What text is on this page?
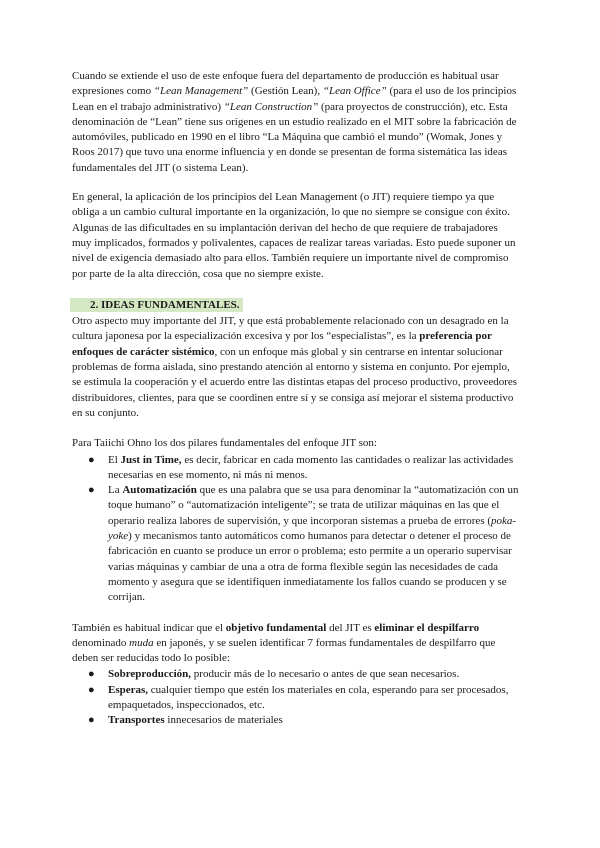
Cuando se extiende el uso de este enfoque fuera del departamento de producción es habitual usar expresiones como “Lean Management” (Gestión Lean), “Lean Office” (para el uso de los principios Lean en el trabajo administrativo) “Lean Construction” (para proyectos de construcción), etc. Esta denominación de “Lean” tiene sus orígenes en un estudio realizado en el MIT sobre la fabricación de automóviles, publicado en 1990 en el libro “La Máquina que cambió el mundo” (Womak, Jones y Roos 2017) que tuvo una enorme influencia y en donde se presentan de forma sistemática las ideas fundamentales del JIT (o sistema Lean).

En general, la aplicación de los principios del Lean Management (o JIT) requiere tiempo ya que obliga a un cambio cultural importante en la organización, lo que no siempre se consigue con éxito. Algunas de las dificultades en su implantación derivan del hecho de que requiere de trabajadores muy implicados, formados y polivalentes, capaces de realizar tareas variadas. Esto puede suponer un nivel de exigencia demasiado alto para ellos. También requiere un importante nivel de compromiso por parte de la alta dirección, cosa que no siempre existe.

2. IDEAS FUNDAMENTALES.

Otro aspecto muy importante del JIT, y que está probablemente relacionado con un desagrado en la cultura japonesa por la especialización excesiva y por los “especialistas”, es la preferencia por enfoques de carácter sistémico, con un enfoque más global y sin centrarse en intentar solucionar problemas de forma aislada, sino prestando atención al entorno y sistema en conjunto. Por ejemplo, se estimula la cooperación y el acuerdo entre las distintas etapas del proceso productivo, proveedores distribuidores, clientes, para que se coordinen entre sí y se consiga así mejorar el sistema productivo en su conjunto.

Para Taiichi Ohno los dos pilares fundamentales del enfoque JIT son:

● El Just in Time, es decir, fabricar en cada momento las cantidades o realizar las actividades necesarias en ese momento, ni más ni menos.
● La Automatización que es una palabra que se usa para denominar la “automatización con un toque humano” o “automatización inteligente”; se trata de utilizar máquinas en las que el operario realiza labores de supervisión, y que incorporan sistemas a prueba de errores (poka-yoke) y mecanismos tanto automáticos como humanos para detectar o detener el proceso de fabricación en cuanto se produce un error o problema; esto permite a un operario supervisar varias máquinas y cambiar de una a otra de forma flexible según las necesidades de cada momento y asegura que se identifiquen inmediatamente los fallos cuando se producen y se corrijan.

También es habitual indicar que el objetivo fundamental del JIT es eliminar el despilfarro denominado muda en japonés, y se suelen identificar 7 formas fundamentales de despilfarro que deben ser reducidas todo lo posible:

● Sobreproducción, producir más de lo necesario o antes de que sean necesarios.
● Esperas, cualquier tiempo que estén los materiales en cola, esperando para ser procesados, empaquetados, inspeccionados, etc.
● Transportes innecesarios de materiales
